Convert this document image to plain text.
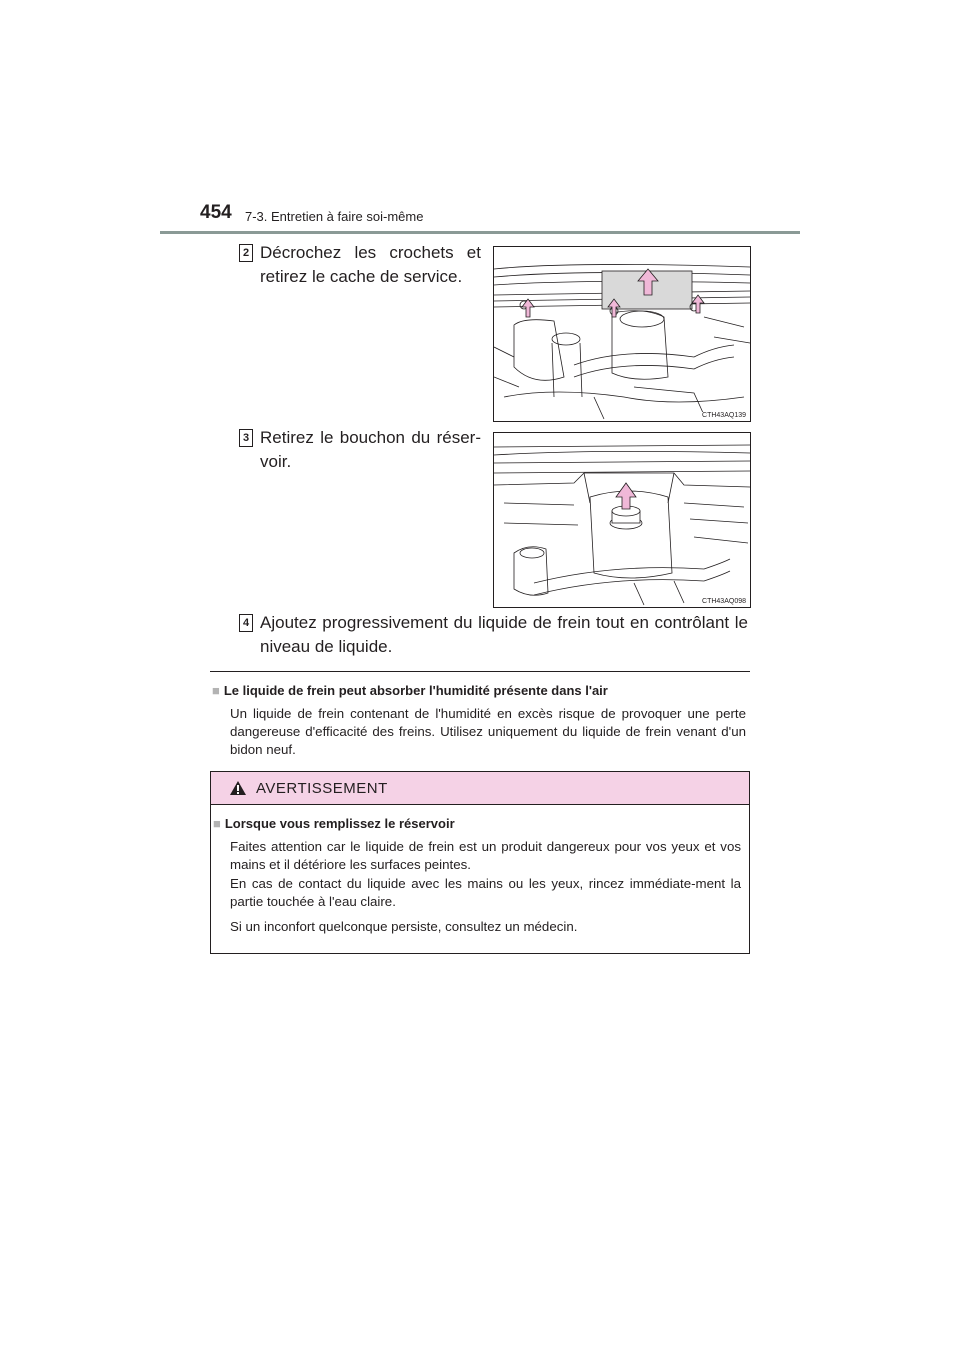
454 7-3. Entretien à faire soi-même
2 Décrochez les crochets et retirez le cache de service.
CTH43AQ139
3 Retirez le bouchon du réser-voir.
CTH43AQ098
4 Ajoutez progressivement du liquide de frein tout en contrôlant le niveau de liquide.
■ Le liquide de frein peut absorber l'humidité présente dans l'air
Un liquide de frein contenant de l'humidité en excès risque de provoquer une perte dangereuse d'efficacité des freins. Utilisez uniquement du liquide de frein venant d'un bidon neuf.
AVERTISSEMENT
■ Lorsque vous remplissez le réservoir
Faites attention car le liquide de frein est un produit dangereux pour vos yeux et vos mains et il détériore les surfaces peintes.
En cas de contact du liquide avec les mains ou les yeux, rincez immédiate-ment la partie touchée à l'eau claire.
Si un inconfort quelconque persiste, consultez un médecin.
